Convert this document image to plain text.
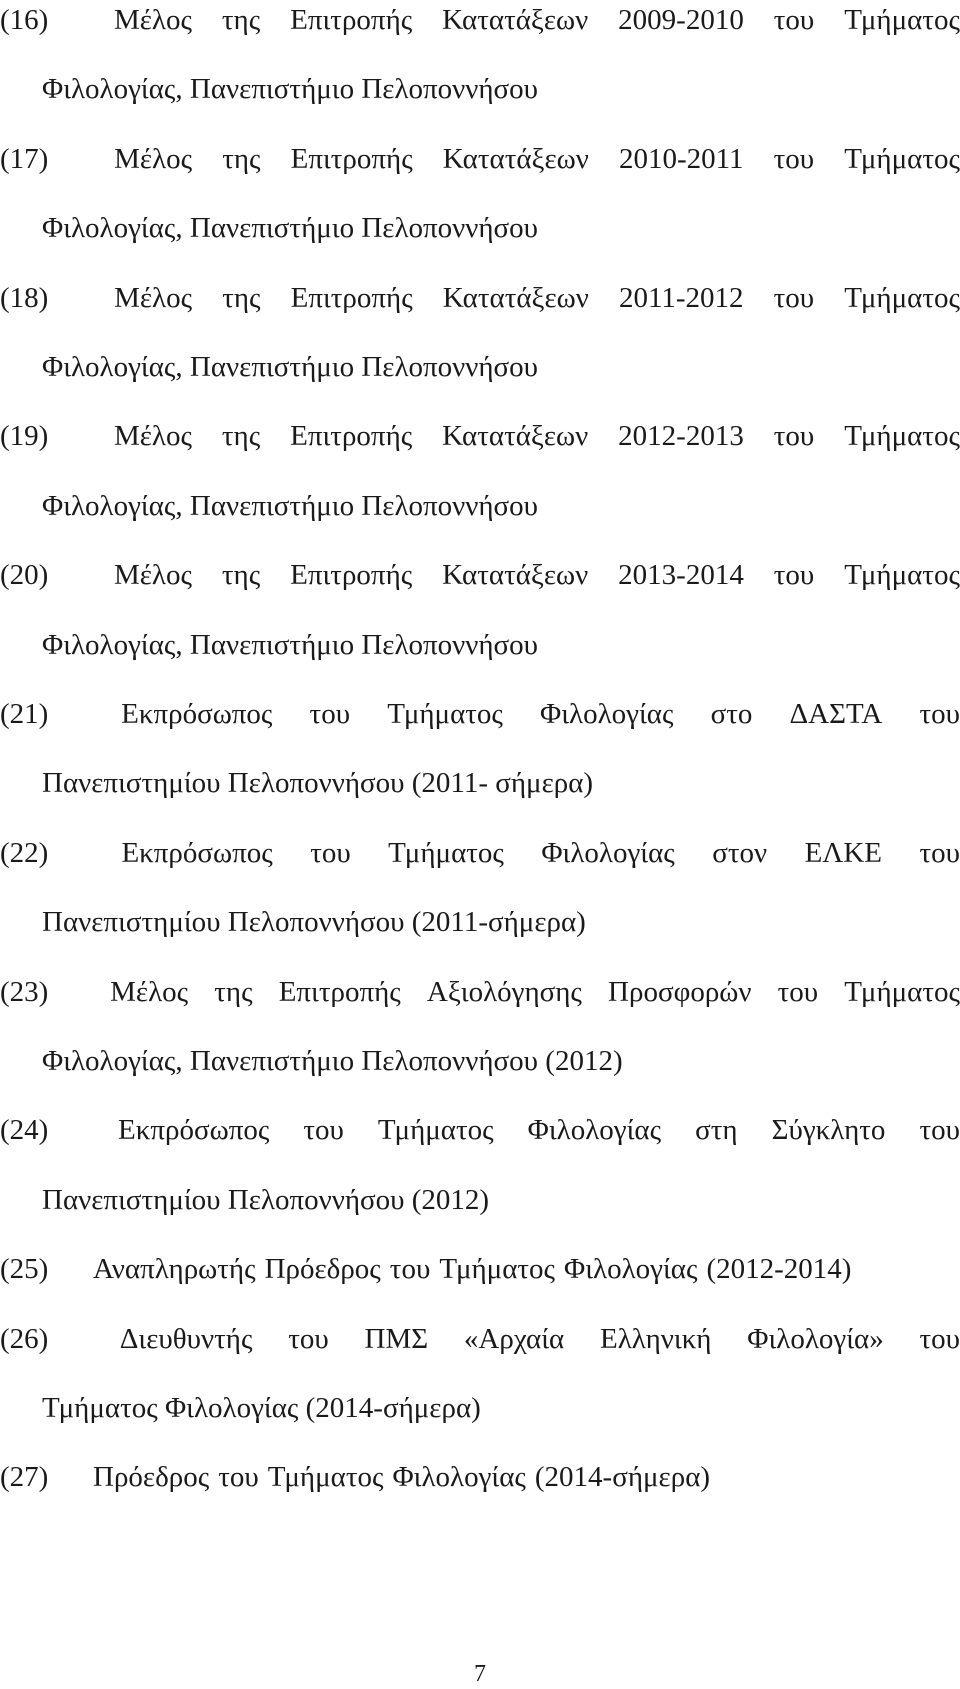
(16)	Μέλος της Επιτροπής Κατατάξεων 2009-2010 του Τμήματος
Φιλολογίας, Πανεπιστήμιο Πελοποννήσου
(17)	Μέλος της Επιτροπής Κατατάξεων 2010-2011 του Τμήματος
Φιλολογίας, Πανεπιστήμιο Πελοποννήσου
(18)	Μέλος της Επιτροπής Κατατάξεων 2011-2012 του Τμήματος
Φιλολογίας, Πανεπιστήμιο Πελοποννήσου
(19)	Μέλος της Επιτροπής Κατατάξεων 2012-2013 του Τμήματος
Φιλολογίας, Πανεπιστήμιο Πελοποννήσου
(20)	Μέλος της Επιτροπής Κατατάξεων 2013-2014 του Τμήματος
Φιλολογίας, Πανεπιστήμιο Πελοποννήσου
(21)	Εκπρόσωπος του Τμήματος Φιλολογίας στο ΔΑΣΤΑ του
Πανεπιστημίου Πελοποννήσου (2011- σήμερα)
(22)	Εκπρόσωπος του Τμήματος Φιλολογίας στον ΕΛΚΕ του
Πανεπιστημίου Πελοποννήσου (2011-σήμερα)
(23)	Μέλος της Επιτροπής Αξιολόγησης Προσφορών του Τμήματος
Φιλολογίας, Πανεπιστήμιο Πελοποννήσου (2012)
(24)	Εκπρόσωπος του Τμήματος Φιλολογίας στη Σύγκλητο του
Πανεπιστημίου Πελοποννήσου (2012)
(25)	Αναπληρωτής Πρόεδρος του Τμήματος Φιλολογίας (2012-2014)
(26)	Διευθυντής του ΠΜΣ «Αρχαία Ελληνική Φιλολογία» του
Τμήματος Φιλολογίας (2014-σήμερα)
(27)	Πρόεδρος του Τμήματος Φιλολογίας (2014-σήμερα)
7
